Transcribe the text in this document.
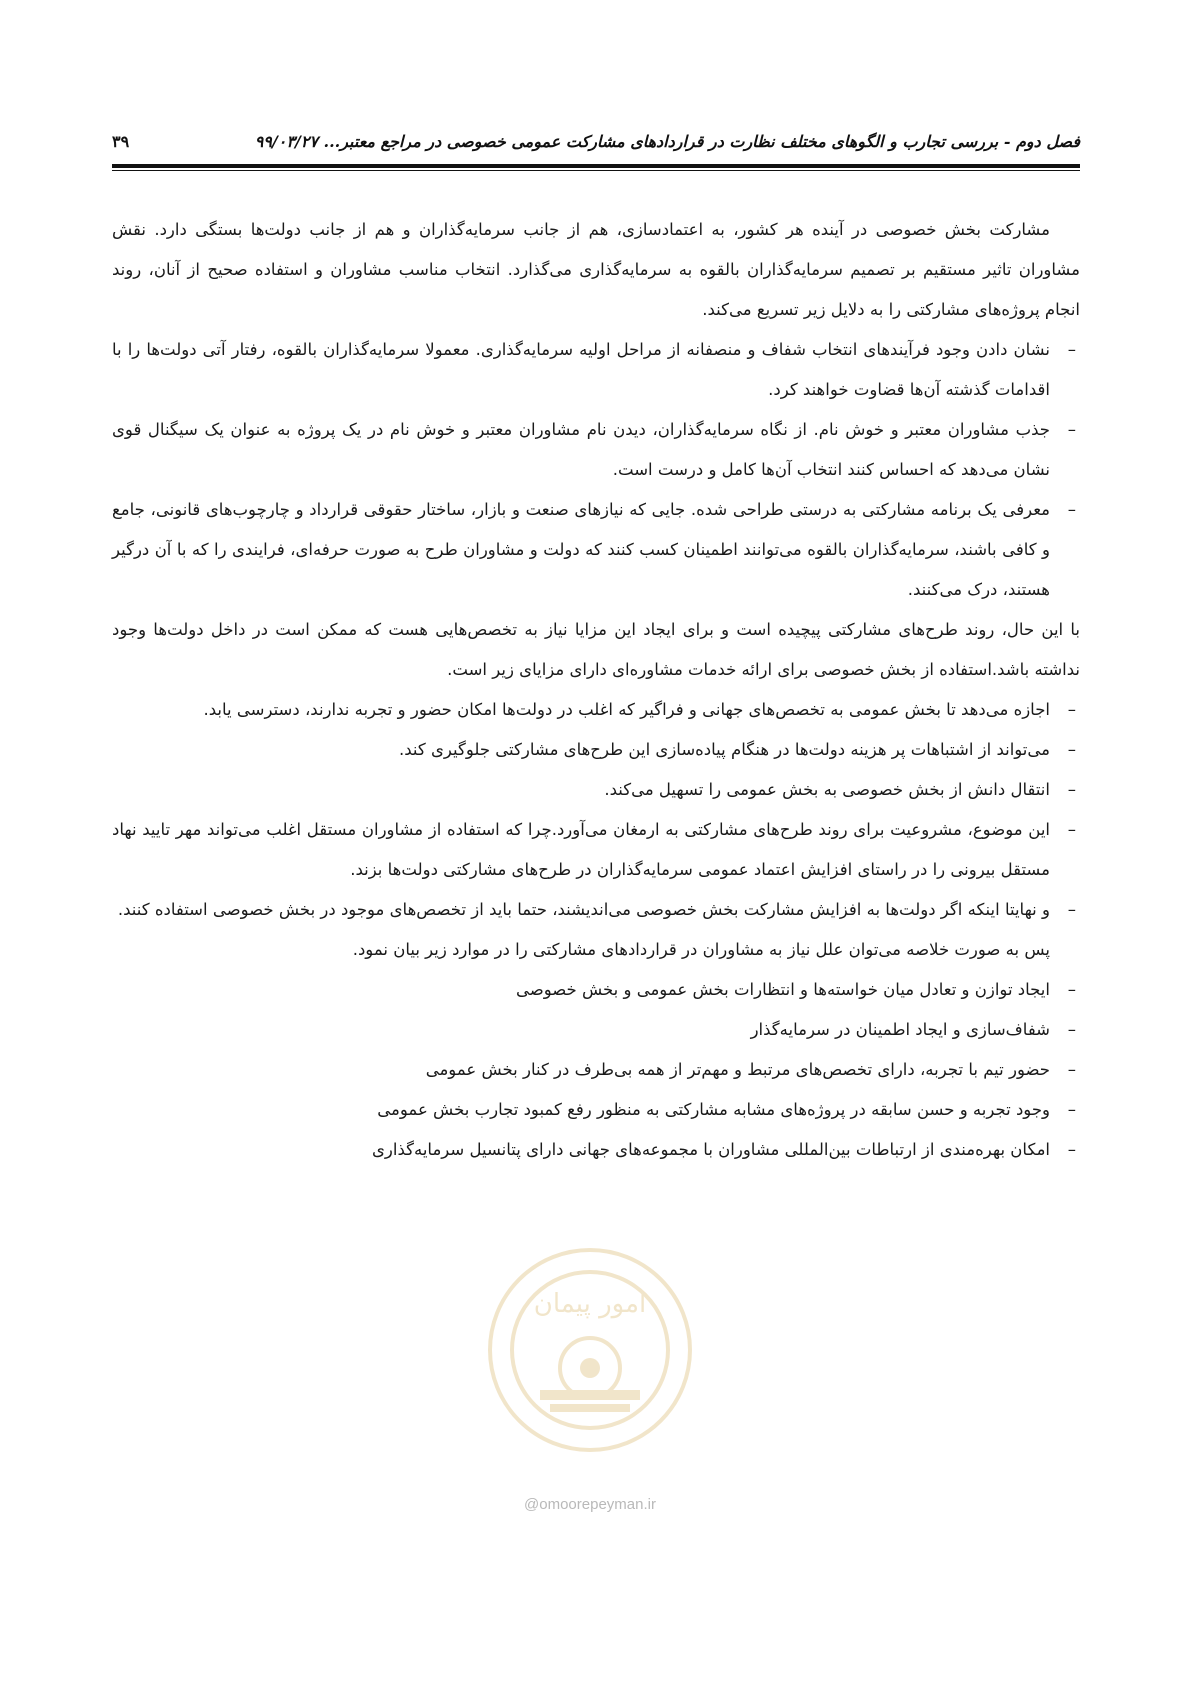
فصل دوم - بررسی تجارب و الگوهای مختلف نظارت در قراردادهای مشارکت عمومی خصوصی در مراجع معتبر... ۹۹/۰۳/۲۷
۳۹

مشارکت بخش خصوصی در آینده هر کشور، به اعتمادسازی، هم از جانب سرمایه‌گذاران و هم از جانب دولت‌ها بستگی دارد. نقش مشاوران تاثیر مستقیم بر تصمیم سرمایه‌گذاران بالقوه به سرمایه‌گذاری می‌گذارد. انتخاب مناسب مشاوران و استفاده صحیح از آنان، روند انجام پروژه‌های مشارکتی را به دلایل زیر تسریع می‌کند.

– نشان دادن وجود فرآیندهای انتخاب شفاف و منصفانه از مراحل اولیه سرمایه‌گذاری. معمولا سرمایه‌گذاران بالقوه، رفتار آتی دولت‌ها را با اقدامات گذشته آن‌ها قضاوت خواهند کرد.
– جذب مشاوران معتبر و خوش نام. از نگاه سرمایه‌گذاران، دیدن نام مشاوران معتبر و خوش نام در یک پروژه به عنوان یک سیگنال قوی نشان می‌دهد که احساس کنند انتخاب آن‌ها کامل و درست است.
– معرفی یک برنامه مشارکتی به درستی طراحی شده. جایی که نیازهای صنعت و بازار، ساختار حقوقی قرارداد و چارچوب‌های قانونی، جامع و کافی باشند، سرمایه‌گذاران بالقوه می‌توانند اطمینان کسب کنند که دولت و مشاوران طرح به صورت حرفه‌ای، فرایندی را که با آن درگیر هستند، درک می‌کنند.

با این حال، روند طرح‌های مشارکتی پیچیده است و برای ایجاد این مزایا نیاز به تخصص‌هایی هست که ممکن است در داخل دولت‌ها وجود نداشته باشد.استفاده از بخش خصوصی برای ارائه خدمات مشاوره‌ای دارای مزایای زیر است.

– اجازه می‌دهد تا بخش عمومی به تخصص‌های جهانی و فراگیر که اغلب در دولت‌ها امکان حضور و تجربه ندارند، دسترسی یابد.
– می‌تواند از اشتباهات پر هزینه دولت‌ها در هنگام پیاده‌سازی این طرح‌های مشارکتی جلوگیری کند.
– انتقال دانش از بخش خصوصی به بخش عمومی را تسهیل می‌کند.
– این موضوع، مشروعیت برای روند طرح‌های مشارکتی به ارمغان می‌آورد.چرا که استفاده از مشاوران مستقل اغلب می‌تواند مهر تایید نهاد مستقل بیرونی را در راستای افزایش اعتماد عمومی سرمایه‌گذاران در طرح‌های مشارکتی دولت‌ها بزند.
– و نهایتا اینکه اگر دولت‌ها به افزایش مشارکت بخش خصوصی می‌اندیشند، حتما باید از تخصص‌های موجود در بخش خصوصی استفاده کنند.

پس به صورت خلاصه می‌توان علل نیاز به مشاوران در قراردادهای مشارکتی را در موارد زیر بیان نمود.

– ایجاد توازن و تعادل میان خواسته‌ها و انتظارات بخش عمومی و بخش خصوصی
– شفاف‌سازی و ایجاد اطمینان در سرمایه‌گذار
– حضور تیم با تجربه، دارای تخصص‌های مرتبط و مهم‌تر از همه بی‌طرف در کنار بخش عمومی
– وجود تجربه و حسن سابقه در پروژه‌های مشابه مشارکتی به منظور رفع کمبود تجارب بخش عمومی
– امکان بهره‌مندی از ارتباطات بین‌المللی مشاوران با مجموعه‌های جهانی دارای پتانسیل سرمایه‌گذاری
امور پیمان
@omoorepeyman.ir
